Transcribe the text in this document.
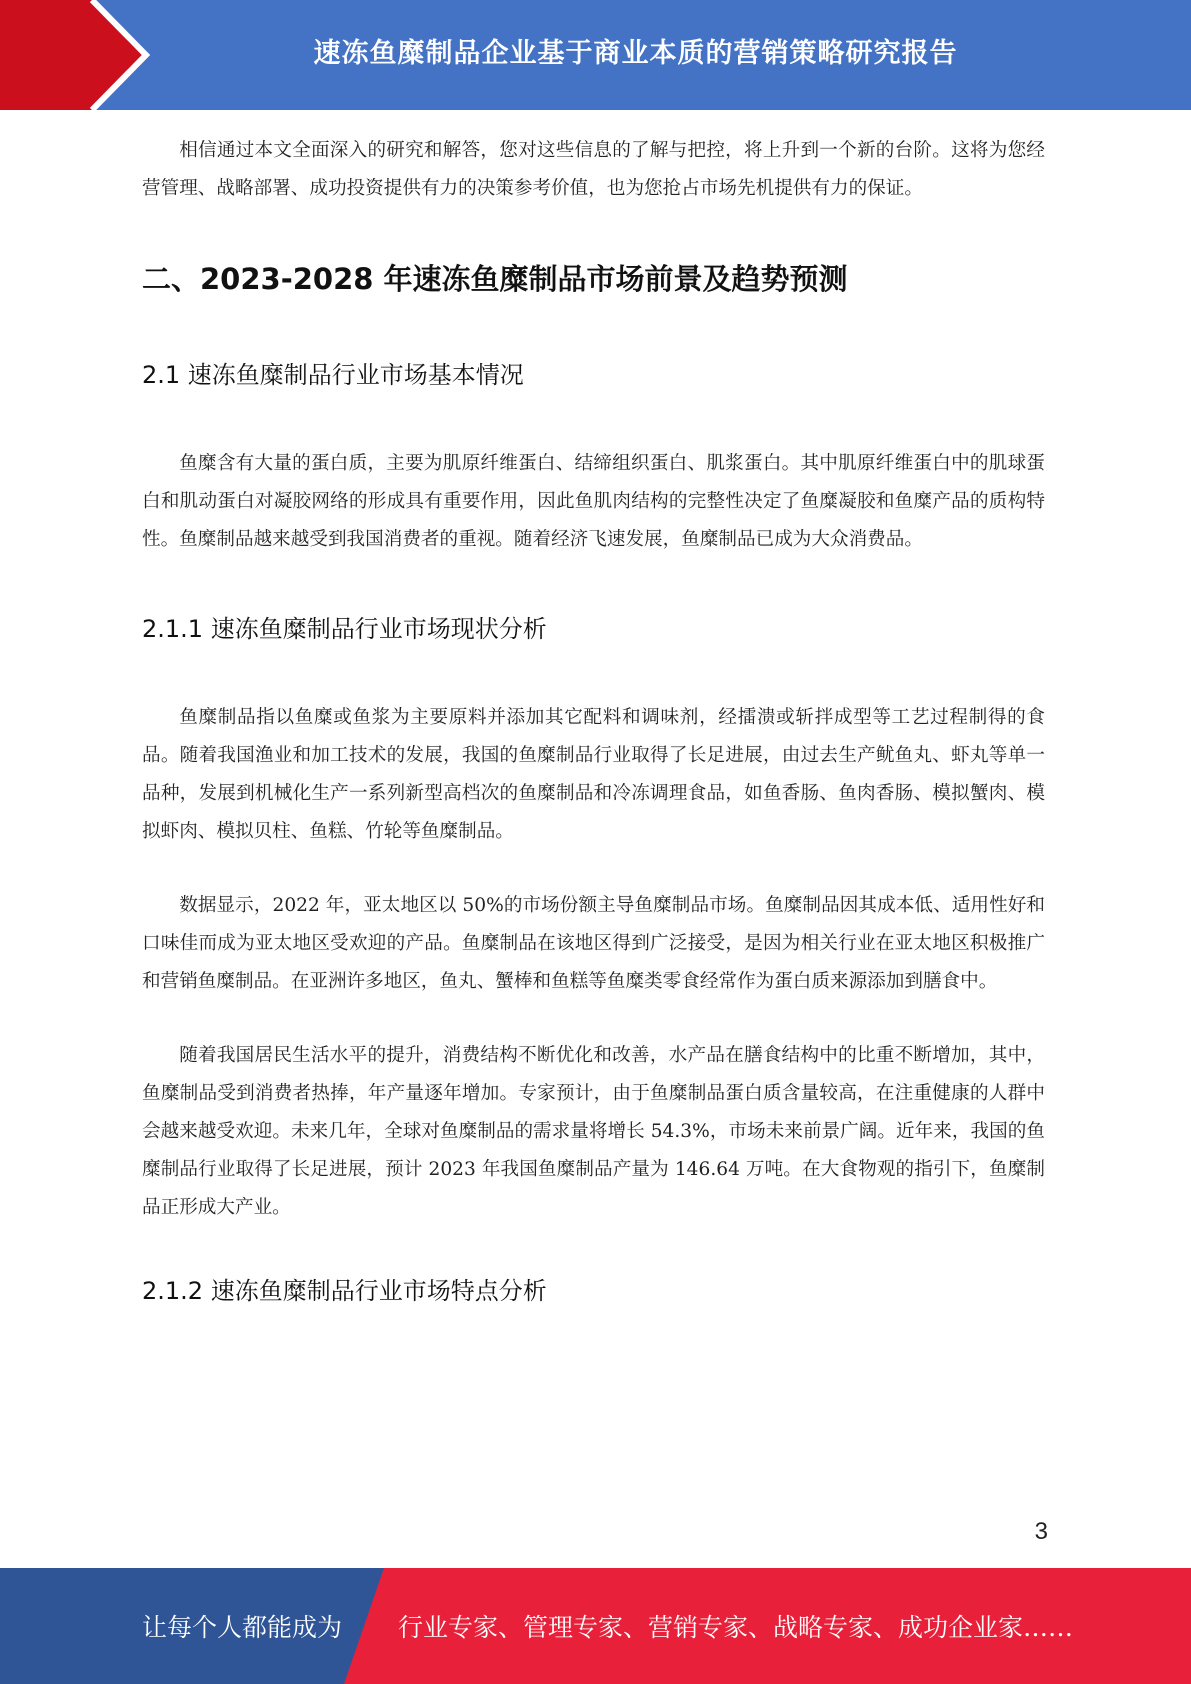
速冻鱼糜制品企业基于商业本质的营销策略研究报告

相信通过本文全面深入的研究和解答，您对这些信息的了解与把控，将上升到一个新的台阶。这将为您经营管理、战略部署、成功投资提供有力的决策参考价值，也为您抢占市场先机提供有力的保证。

二、2023-2028 年速冻鱼糜制品市场前景及趋势预测
2.1 速冻鱼糜制品行业市场基本情况

鱼糜含有大量的蛋白质，主要为肌原纤维蛋白、结缔组织蛋白、肌浆蛋白。其中肌原纤维蛋白中的肌球蛋白和肌动蛋白对凝胶网络的形成具有重要作用，因此鱼肌肉结构的完整性决定了鱼糜凝胶和鱼糜产品的质构特性。鱼糜制品越来越受到我国消费者的重视。随着经济飞速发展，鱼糜制品已成为大众消费品。

2.1.1 速冻鱼糜制品行业市场现状分析

鱼糜制品指以鱼糜或鱼浆为主要原料并添加其它配料和调味剂，经擂溃或斩拌成型等工艺过程制得的食品。随着我国渔业和加工技术的发展，我国的鱼糜制品行业取得了长足进展，由过去生产鱿鱼丸、虾丸等单一品种，发展到机械化生产一系列新型高档次的鱼糜制品和冷冻调理食品，如鱼香肠、鱼肉香肠、模拟蟹肉、模拟虾肉、模拟贝柱、鱼糕、竹轮等鱼糜制品。

数据显示，2022 年，亚太地区以 50%的市场份额主导鱼糜制品市场。鱼糜制品因其成本低、适用性好和口味佳而成为亚太地区受欢迎的产品。鱼糜制品在该地区得到广泛接受，是因为相关行业在亚太地区积极推广和营销鱼糜制品。在亚洲许多地区，鱼丸、蟹棒和鱼糕等鱼糜类零食经常作为蛋白质来源添加到膳食中。

随着我国居民生活水平的提升，消费结构不断优化和改善，水产品在膳食结构中的比重不断增加，其中，鱼糜制品受到消费者热捧，年产量逐年增加。专家预计，由于鱼糜制品蛋白质含量较高，在注重健康的人群中会越来越受欢迎。未来几年，全球对鱼糜制品的需求量将增长 54.3%，市场未来前景广阔。近年来，我国的鱼糜制品行业取得了长足进展，预计 2023 年我国鱼糜制品产量为 146.64 万吨。在大食物观的指引下，鱼糜制品正形成大产业。

2.1.2 速冻鱼糜制品行业市场特点分析
3
让每个人都能成为 行业专家、管理专家、营销专家、战略专家、成功企业家……
